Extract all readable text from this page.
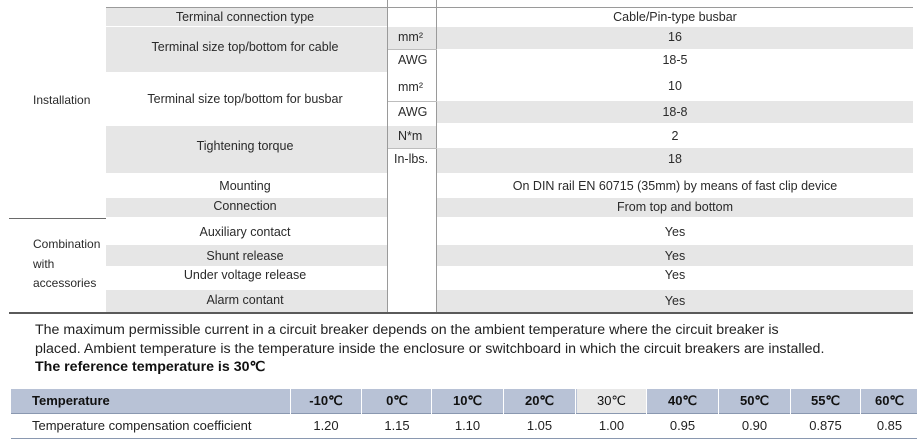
Installation
Combination
with
accessories
Terminal connection type
Terminal size top/bottom for cable
Terminal size top/bottom for busbar
Tightening torque
Mounting
Connection
Auxiliary contact
Shunt release
Under voltage release
Alarm contant
mm²
AWG
mm²
AWG
N*m
In-lbs.
Cable/Pin-type busbar
16
18-5
10
18-8
2
18
On DIN rail EN 60715 (35mm) by means of fast clip device
From top and bottom
Yes
Yes
Yes
Yes
The maximum permissible current in a circuit breaker depends on the ambient temperature where the circuit breaker is
placed. Ambient temperature is the temperature inside the enclosure or switchboard in which the circuit breakers are installed.
The reference temperature is 30℃
Temperature
Temperature compensation coefficient
-10℃
1.20
0℃
1.15
10℃
1.10
20℃
1.05
30℃
1.00
40℃
0.95
50℃
0.90
55℃
0.875
60℃
0.85
